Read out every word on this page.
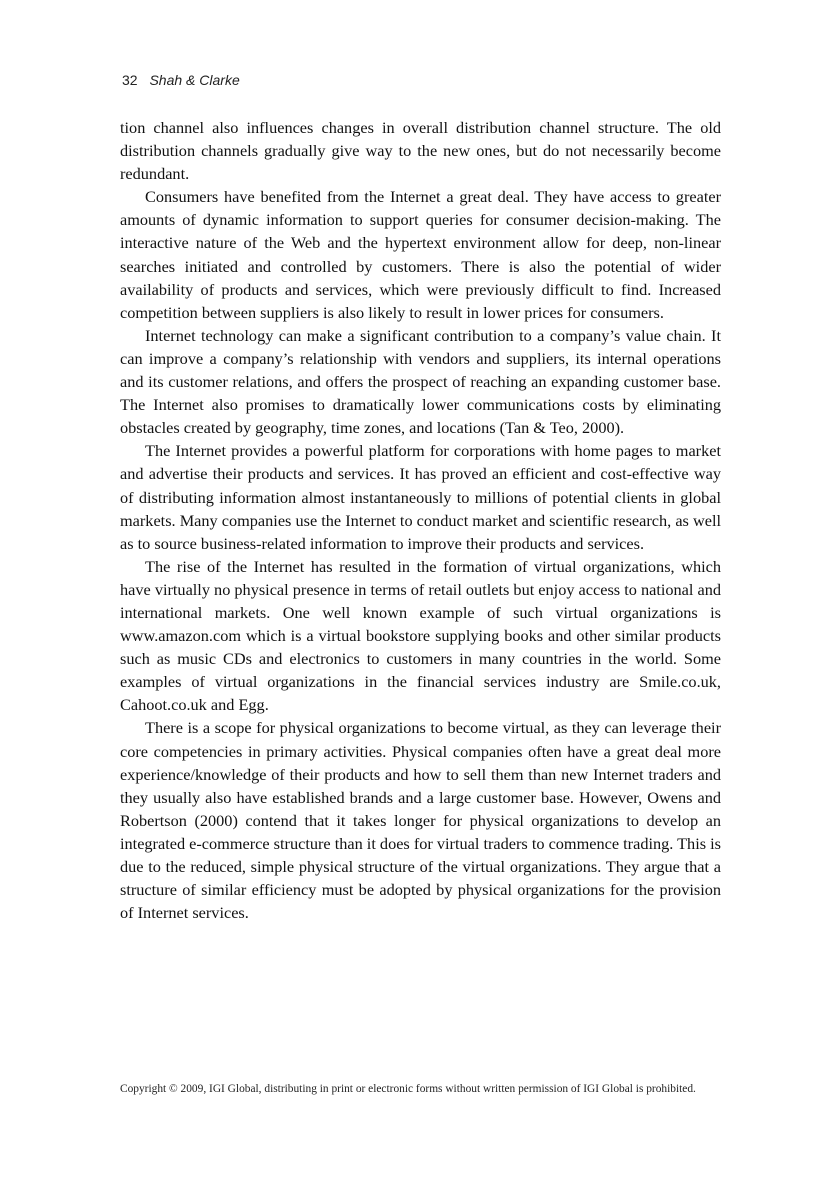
32 Shah & Clarke

tion channel also influences changes in overall distribution channel structure. The old distribution channels gradually give way to the new ones, but do not necessarily become redundant.

Consumers have benefited from the Internet a great deal. They have access to greater amounts of dynamic information to support queries for consumer decision-making. The interactive nature of the Web and the hypertext environment allow for deep, non-linear searches initiated and controlled by customers. There is also the potential of wider availability of products and services, which were previously difficult to find. Increased competition between suppliers is also likely to result in lower prices for consumers.

Internet technology can make a significant contribution to a company’s value chain. It can improve a company’s relationship with vendors and suppliers, its internal operations and its customer relations, and offers the prospect of reaching an expanding customer base. The Internet also promises to dramatically lower communications costs by eliminating obstacles created by geography, time zones, and locations (Tan & Teo, 2000).

The Internet provides a powerful platform for corporations with home pages to market and advertise their products and services. It has proved an efficient and cost-effective way of distributing information almost instantaneously to millions of potential clients in global markets. Many companies use the Internet to conduct market and scientific research, as well as to source business-related information to improve their products and services.

The rise of the Internet has resulted in the formation of virtual organizations, which have virtually no physical presence in terms of retail outlets but enjoy access to national and international markets. One well known example of such virtual organizations is www.amazon.com which is a virtual bookstore supplying books and other similar products such as music CDs and electronics to customers in many countries in the world. Some examples of virtual organizations in the financial services industry are Smile.co.uk, Cahoot.co.uk and Egg.

There is a scope for physical organizations to become virtual, as they can leverage their core competencies in primary activities. Physical companies often have a great deal more experience/knowledge of their products and how to sell them than new Internet traders and they usually also have established brands and a large customer base. However, Owens and Robertson (2000) contend that it takes longer for physical organizations to develop an integrated e-commerce structure than it does for virtual traders to commence trading. This is due to the reduced, simple physical structure of the virtual organizations. They argue that a structure of similar efficiency must be adopted by physical organizations for the provision of Internet services.

Copyright © 2009, IGI Global, distributing in print or electronic forms without written permission of IGI Global is prohibited.
